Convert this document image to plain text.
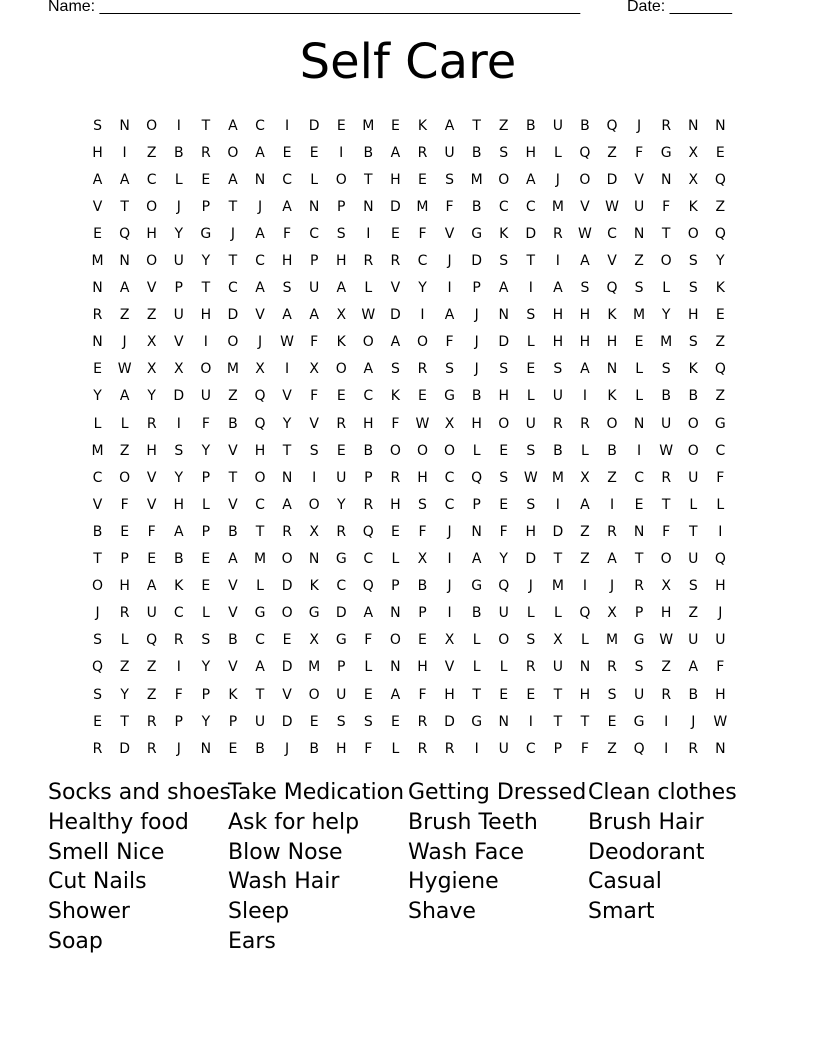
Name: ______________________________________________________	Date: _______
Self Care
S	N	O	I	T	A	C	I	D	E	M	E	K	A	T	Z	B	U	B	Q	J	R	N	N
H	I	Z	B	R	O	A	E	E	I	B	A	R	U	B	S	H	L	Q	Z	F	G	X	E
A	A	C	L	E	A	N	C	L	O	T	H	E	S	M	O	A	J	O	D	V	N	X	Q
V	T	O	J	P	T	J	A	N	P	N	D	M	F	B	C	C	M	V	W	U	F	K	Z
E	Q	H	Y	G	J	A	F	C	S	I	E	F	V	G	K	D	R	W	C	N	T	O	Q
M	N	O	U	Y	T	C	H	P	H	R	R	C	J	D	S	T	I	A	V	Z	O	S	Y
N	A	V	P	T	C	A	S	U	A	L	V	Y	I	P	A	I	A	S	Q	S	L	S	K
R	Z	Z	U	H	D	V	A	A	X	W	D	I	A	J	N	S	H	H	K	M	Y	H	E
N	J	X	V	I	O	J	W	F	K	O	A	O	F	J	D	L	H	H	H	E	M	S	Z
E	W	X	X	O	M	X	I	X	O	A	S	R	S	J	S	E	S	A	N	L	S	K	Q
Y	A	Y	D	U	Z	Q	V	F	E	C	K	E	G	B	H	L	U	I	K	L	B	B	Z
L	L	R	I	F	B	Q	Y	V	R	H	F	W	X	H	O	U	R	R	O	N	U	O	G
M	Z	H	S	Y	V	H	T	S	E	B	O	O	O	L	E	S	B	L	B	I	W	O	C
C	O	V	Y	P	T	O	N	I	U	P	R	H	C	Q	S	W	M	X	Z	C	R	U	F
V	F	V	H	L	V	C	A	O	Y	R	H	S	C	P	E	S	I	A	I	E	T	L	L
B	E	F	A	P	B	T	R	X	R	Q	E	F	J	N	F	H	D	Z	R	N	F	T	I
T	P	E	B	E	A	M	O	N	G	C	L	X	I	A	Y	D	T	Z	A	T	O	U	Q
O	H	A	K	E	V	L	D	K	C	Q	P	B	J	G	Q	J	M	I	J	R	X	S	H
J	R	U	C	L	V	G	O	G	D	A	N	P	I	B	U	L	L	Q	X	P	H	Z	J
S	L	Q	R	S	B	C	E	X	G	F	O	E	X	L	O	S	X	L	M	G	W	U	U
Q	Z	Z	I	Y	V	A	D	M	P	L	N	H	V	L	L	R	U	N	R	S	Z	A	F
S	Y	Z	F	P	K	T	V	O	U	E	A	F	H	T	E	E	T	H	S	U	R	B	H
E	T	R	P	Y	P	U	D	E	S	S	E	R	D	G	N	I	T	T	E	G	I	J	W
R	D	R	J	N	E	B	J	B	H	F	L	R	R	I	U	C	P	F	Z	Q	I	R	N
Socks and shoes
Healthy food
Smell Nice
Cut Nails
Shower
Soap
Take Medication
Ask for help
Blow Nose
Wash Hair
Sleep
Ears
Getting Dressed
Brush Teeth
Wash Face
Hygiene
Shave
Clean clothes
Brush Hair
Deodorant
Casual
Smart
